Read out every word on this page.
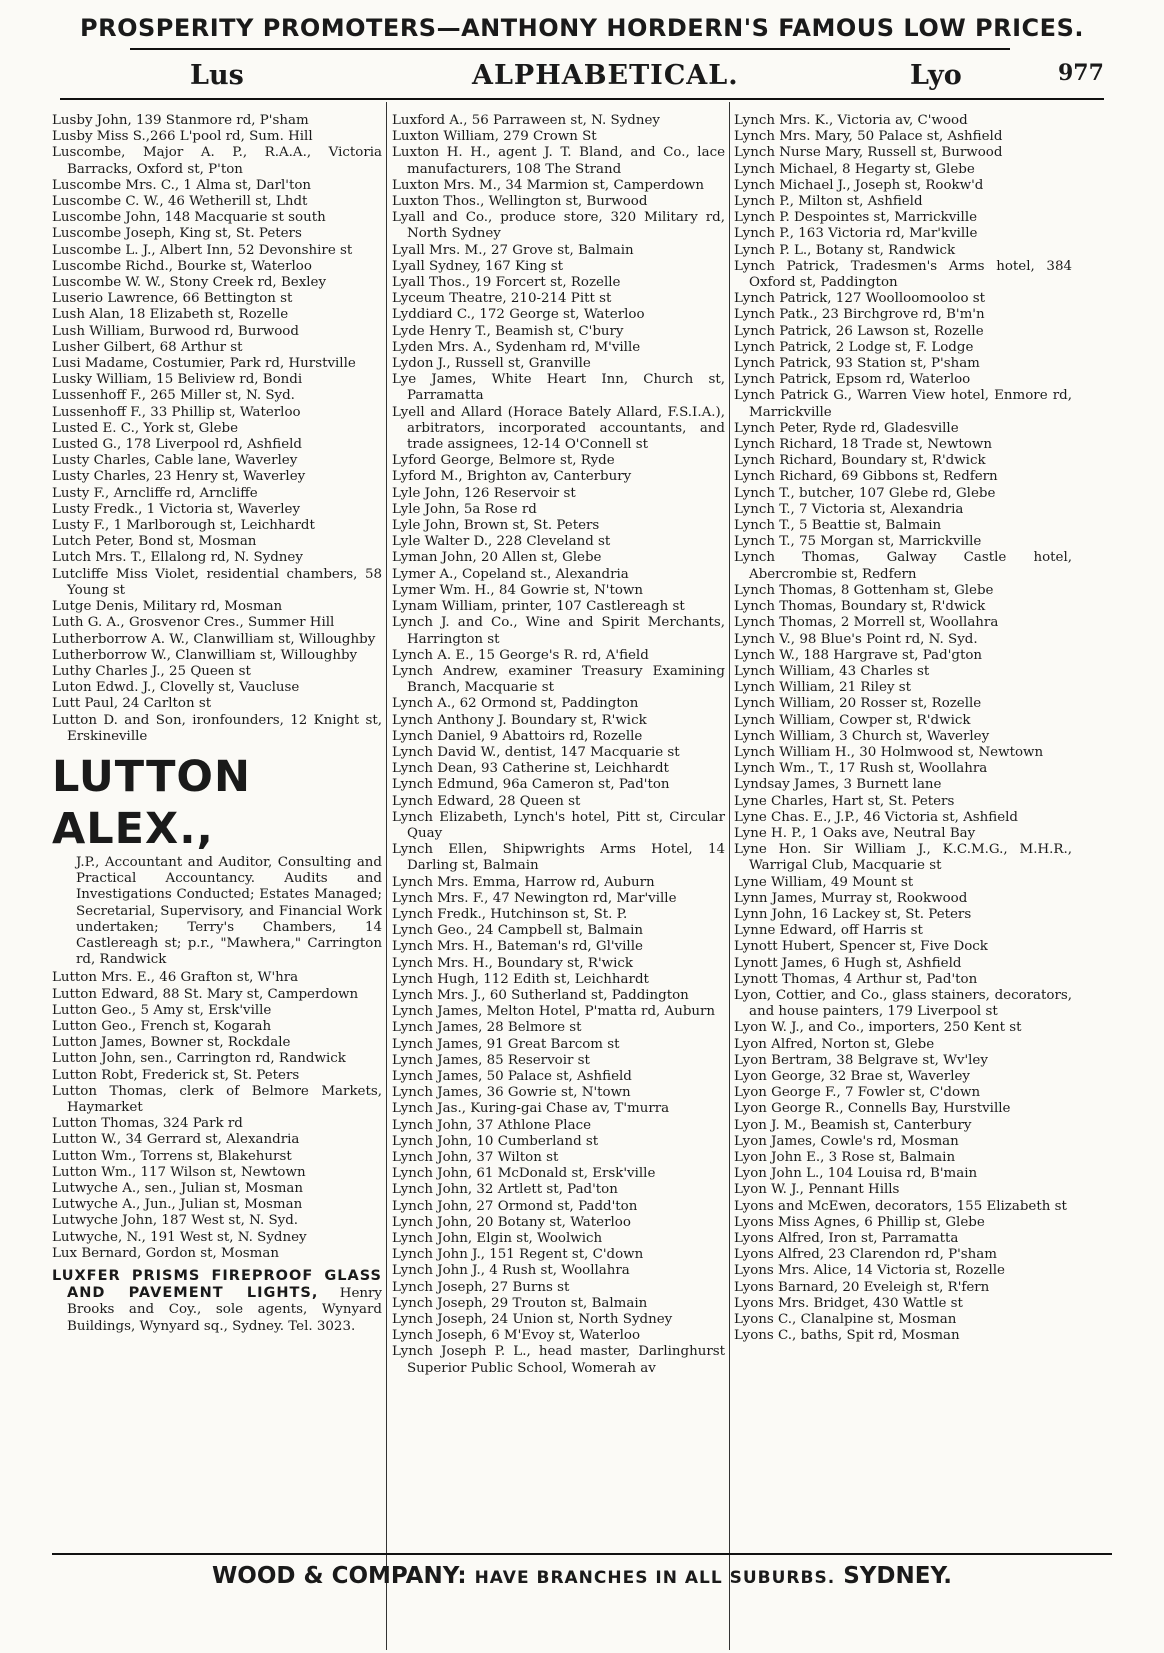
PROSPERITY PROMOTERS—ANTHONY HORDERN'S FAMOUS LOW PRICES.
Lus	ALPHABETICAL.	Lyo	977

Lusby John, 139 Stanmore rd, P'sham

Lusby Miss S.,266 L'pool rd, Sum. Hill

Luscombe, Major A. P., R.A.A., Victoria Barracks, Oxford st, P'ton

Luscombe Mrs. C., 1 Alma st, Darl'ton

Luscombe C. W., 46 Wetherill st, Lhdt

Luscombe John, 148 Macquarie st south

Luscombe Joseph, King st, St. Peters

Luscombe L. J., Albert Inn, 52 Devonshire st

Luscombe Richd., Bourke st, Waterloo

Luscombe W. W., Stony Creek rd, Bexley

Luserio Lawrence, 66 Bettington st

Lush Alan, 18 Elizabeth st, Rozelle

Lush William, Burwood rd, Burwood

Lusher Gilbert, 68 Arthur st

Lusi Madame, Costumier, Park rd, Hurstville

Lusky William, 15 Beliview rd, Bondi

Lussenhoff F., 265 Miller st, N. Syd.

Lussenhoff F., 33 Phillip st, Waterloo

Lusted E. C., York st, Glebe

Lusted G., 178 Liverpool rd, Ashfield

Lusty Charles, Cable lane, Waverley

Lusty Charles, 23 Henry st, Waverley

Lusty F., Arncliffe rd, Arncliffe

Lusty Fredk., 1 Victoria st, Waverley

Lusty F., 1 Marlborough st, Leichhardt

Lutch Peter, Bond st, Mosman

Lutch Mrs. T., Ellalong rd, N. Sydney

Lutcliffe Miss Violet, residential chambers, 58 Young st

Lutge Denis, Military rd, Mosman

Luth G. A., Grosvenor Cres., Summer Hill

Lutherborrow A. W., Clanwilliam st, Willoughby

Lutherborrow W., Clanwilliam st, Willoughby

Luthy Charles J., 25 Queen st

Luton Edwd. J., Clovelly st, Vaucluse

Lutt Paul, 24 Carlton st

Lutton D. and Son, ironfounders, 12 Knight st, Erskineville

LUTTON ALEX.,
J.P., Accountant and Auditor, Consulting and Practical Accountancy. Audits and Investigations Conducted; Estates Managed; Secretarial, Supervisory, and Financial Work undertaken; Terry's Chambers, 14 Castlereagh st; p.r., "Mawhera," Carrington rd, Randwick

Lutton Mrs. E., 46 Grafton st, W'hra

Lutton Edward, 88 St. Mary st, Camperdown

Lutton Geo., 5 Amy st, Ersk'ville

Lutton Geo., French st, Kogarah

Lutton James, Bowner st, Rockdale

Lutton John, sen., Carrington rd, Randwick

Lutton Robt, Frederick st, St. Peters

Lutton Thomas, clerk of Belmore Markets, Haymarket

Lutton Thomas, 324 Park rd

Lutton W., 34 Gerrard st, Alexandria

Lutton Wm., Torrens st, Blakehurst

Lutton Wm., 117 Wilson st, Newtown

Lutwyche A., sen., Julian st, Mosman

Lutwyche A., Jun., Julian st, Mosman

Lutwyche John, 187 West st, N. Syd.

Lutwyche, N., 191 West st, N. Sydney

Lux Bernard, Gordon st, Mosman

LUXFER PRISMS FIREPROOF GLASS AND PAVEMENT LIGHTS, Henry Brooks and Coy., sole agents, Wynyard Buildings, Wynyard sq., Sydney. Tel. 3023.

Luxford A., 56 Parraween st, N. Sydney

Luxton William, 279 Crown St

Luxton H. H., agent J. T. Bland, and Co., lace manufacturers, 108 The Strand

Luxton Mrs. M., 34 Marmion st, Camperdown

Luxton Thos., Wellington st, Burwood

Lyall and Co., produce store, 320 Military rd, North Sydney

Lyall Mrs. M., 27 Grove st, Balmain

Lyall Sydney, 167 King st

Lyall Thos., 19 Forcert st, Rozelle

Lyceum Theatre, 210-214 Pitt st

Lyddiard C., 172 George st, Waterloo

Lyde Henry T., Beamish st, C'bury

Lyden Mrs. A., Sydenham rd, M'ville

Lydon J., Russell st, Granville

Lye James, White Heart Inn, Church st, Parramatta

Lyell and Allard (Horace Bately Allard, F.S.I.A.), arbitrators, incorporated accountants, and trade assignees, 12-14 O'Connell st

Lyford George, Belmore st, Ryde

Lyford M., Brighton av, Canterbury

Lyle John, 126 Reservoir st

Lyle John, 5a Rose rd

Lyle John, Brown st, St. Peters

Lyle Walter D., 228 Cleveland st

Lyman John, 20 Allen st, Glebe

Lymer A., Copeland st., Alexandria

Lymer Wm. H., 84 Gowrie st, N'town

Lynam William, printer, 107 Castlereagh st

Lynch J. and Co., Wine and Spirit Merchants, Harrington st

Lynch A. E., 15 George's R. rd, A'field

Lynch Andrew, examiner Treasury Examining Branch, Macquarie st

Lynch A., 62 Ormond st, Paddington

Lynch Anthony J. Boundary st, R'wick

Lynch Daniel, 9 Abattoirs rd, Rozelle

Lynch David W., dentist, 147 Macquarie st

Lynch Dean, 93 Catherine st, Leichhardt

Lynch Edmund, 96a Cameron st, Pad'ton

Lynch Edward, 28 Queen st

Lynch Elizabeth, Lynch's hotel, Pitt st, Circular Quay

Lynch Ellen, Shipwrights Arms Hotel, 14 Darling st, Balmain

Lynch Mrs. Emma, Harrow rd, Auburn

Lynch Mrs. F., 47 Newington rd, Mar'ville

Lynch Fredk., Hutchinson st, St. P.

Lynch Geo., 24 Campbell st, Balmain

Lynch Mrs. H., Bateman's rd, Gl'ville

Lynch Mrs. H., Boundary st, R'wick

Lynch Hugh, 112 Edith st, Leichhardt

Lynch Mrs. J., 60 Sutherland st, Paddington

Lynch James, Melton Hotel, P'matta rd, Auburn

Lynch James, 28 Belmore st

Lynch James, 91 Great Barcom st

Lynch James, 85 Reservoir st

Lynch James, 50 Palace st, Ashfield

Lynch James, 36 Gowrie st, N'town

Lynch Jas., Kuring-gai Chase av, T'murra

Lynch John, 37 Athlone Place

Lynch John, 10 Cumberland st

Lynch John, 37 Wilton st

Lynch John, 61 McDonald st, Ersk'ville

Lynch John, 32 Artlett st, Pad'ton

Lynch John, 27 Ormond st, Padd'ton

Lynch John, 20 Botany st, Waterloo

Lynch John, Elgin st, Woolwich

Lynch John J., 151 Regent st, C'down

Lynch John J., 4 Rush st, Woollahra

Lynch Joseph, 27 Burns st

Lynch Joseph, 29 Trouton st, Balmain

Lynch Joseph, 24 Union st, North Sydney

Lynch Joseph, 6 M'Evoy st, Waterloo

Lynch Joseph P. L., head master, Darlinghurst Superior Public School, Womerah av

Lynch Mrs. K., Victoria av, C'wood

Lynch Mrs. Mary, 50 Palace st, Ashfield

Lynch Nurse Mary, Russell st, Burwood

Lynch Michael, 8 Hegarty st, Glebe

Lynch Michael J., Joseph st, Rookw'd

Lynch P., Milton st, Ashfield

Lynch P. Despointes st, Marrickville

Lynch P., 163 Victoria rd, Mar'kville

Lynch P. L., Botany st, Randwick

Lynch Patrick, Tradesmen's Arms hotel, 384 Oxford st, Paddington

Lynch Patrick, 127 Woolloomooloo st

Lynch Patk., 23 Birchgrove rd, B'm'n

Lynch Patrick, 26 Lawson st, Rozelle

Lynch Patrick, 2 Lodge st, F. Lodge

Lynch Patrick, 93 Station st, P'sham

Lynch Patrick, Epsom rd, Waterloo

Lynch Patrick G., Warren View hotel, Enmore rd, Marrickville

Lynch Peter, Ryde rd, Gladesville

Lynch Richard, 18 Trade st, Newtown

Lynch Richard, Boundary st, R'dwick

Lynch Richard, 69 Gibbons st, Redfern

Lynch T., butcher, 107 Glebe rd, Glebe

Lynch T., 7 Victoria st, Alexandria

Lynch T., 5 Beattie st, Balmain

Lynch T., 75 Morgan st, Marrickville

Lynch Thomas, Galway Castle hotel, Abercrombie st, Redfern

Lynch Thomas, 8 Gottenham st, Glebe

Lynch Thomas, Boundary st, R'dwick

Lynch Thomas, 2 Morrell st, Woollahra

Lynch V., 98 Blue's Point rd, N. Syd.

Lynch W., 188 Hargrave st, Pad'gton

Lynch William, 43 Charles st

Lynch William, 21 Riley st

Lynch William, 20 Rosser st, Rozelle

Lynch William, Cowper st, R'dwick

Lynch William, 3 Church st, Waverley

Lynch William H., 30 Holmwood st, Newtown

Lynch Wm., T., 17 Rush st, Woollahra

Lyndsay James, 3 Burnett lane

Lyne Charles, Hart st, St. Peters

Lyne Chas. E., J.P., 46 Victoria st, Ashfield

Lyne H. P., 1 Oaks ave, Neutral Bay

Lyne Hon. Sir William J., K.C.M.G., M.H.R., Warrigal Club, Macquarie st

Lyne William, 49 Mount st

Lynn James, Murray st, Rookwood

Lynn John, 16 Lackey st, St. Peters

Lynne Edward, off Harris st

Lynott Hubert, Spencer st, Five Dock

Lynott James, 6 Hugh st, Ashfield

Lynott Thomas, 4 Arthur st, Pad'ton

Lyon, Cottier, and Co., glass stainers, decorators, and house painters, 179 Liverpool st

Lyon W. J., and Co., importers, 250 Kent st

Lyon Alfred, Norton st, Glebe

Lyon Bertram, 38 Belgrave st, Wv'ley

Lyon George, 32 Brae st, Waverley

Lyon George F., 7 Fowler st, C'down

Lyon George R., Connells Bay, Hurstville

Lyon J. M., Beamish st, Canterbury

Lyon James, Cowle's rd, Mosman

Lyon John E., 3 Rose st, Balmain

Lyon John L., 104 Louisa rd, B'main

Lyon W. J., Pennant Hills

Lyons and McEwen, decorators, 155 Elizabeth st

Lyons Miss Agnes, 6 Phillip st, Glebe

Lyons Alfred, Iron st, Parramatta

Lyons Alfred, 23 Clarendon rd, P'sham

Lyons Mrs. Alice, 14 Victoria st, Rozelle

Lyons Barnard, 20 Eveleigh st, R'fern

Lyons Mrs. Bridget, 430 Wattle st

Lyons C., Clanalpine st, Mosman

Lyons C., baths, Spit rd, Mosman

WOOD & COMPANY: HAVE BRANCHES IN ALL SUBURBS. SYDNEY.
